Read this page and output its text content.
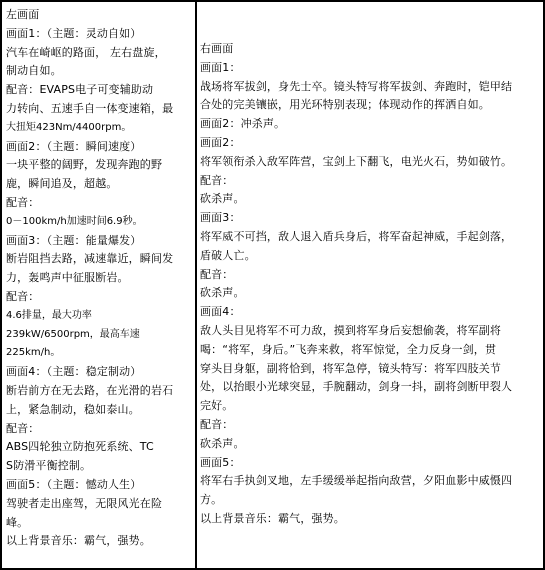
左画面
画面1：（主题：灵动自如）
汽车在崎岖的路面， 左右盘旋，
制动自如。
配音：EVAPS电子可变辅助动
力转向、五速手自一体变速箱，最
大扭矩423Nm/4400rpm。
画面2：（主题：瞬间速度）
一块平整的阔野，发现奔跑的野
鹿，瞬间追及，超越。
配音：
0－100km/h加速时间6.9秒。
画面3：（主题：能量爆发）
断岩阻挡去路，减速靠近，瞬间发
力，轰鸣声中征服断岩。
配音：
4.6排量，最大功率
239kW/6500rpm，最高车速
225km/h。
画面4：（主题：稳定制动）
断岩前方在无去路，在光滑的岩石
上，紧急制动，稳如泰山。
配音：
ABS四轮独立防抱死系统、TC
S防滑平衡控制。
画面5：（主题：憾动人生）
驾驶者走出座驾，无限风光在险
峰。
以上背景音乐：霸气，强势。
右画面
画面1：
战场将军拔剑，身先士卒。镜头特写将军拔剑、奔跑时，铠甲结
合处的完美镶嵌，用光环特别表现；体现动作的挥洒自如。
画面2：冲杀声。
画面2：
将军领衔杀入敌军阵营，宝剑上下翻飞，电光火石，势如破竹。
配音：
砍杀声。
画面3：
将军威不可挡，敌人退入盾兵身后，将军奋起神威，手起剑落，
盾破人亡。
配音：
砍杀声。
画面4：
敌人头目见将军不可力敌，摸到将军身后妄想偷袭，将军副将
喝：“将军，身后。”飞奔来救，将军惊觉，全力反身一剑，贯
穿头目身躯，副将恰到，将军急停，镜头特写：将军四肢关节
处，以抬眼小光球突显，手腕翻动，剑身一抖，副将剑断甲裂人
完好。
配音：
砍杀声。
画面5：
将军右手执剑叉地，左手缓缓举起指向敌营，夕阳血影中威慑四
方。
以上背景音乐：霸气，强势。
